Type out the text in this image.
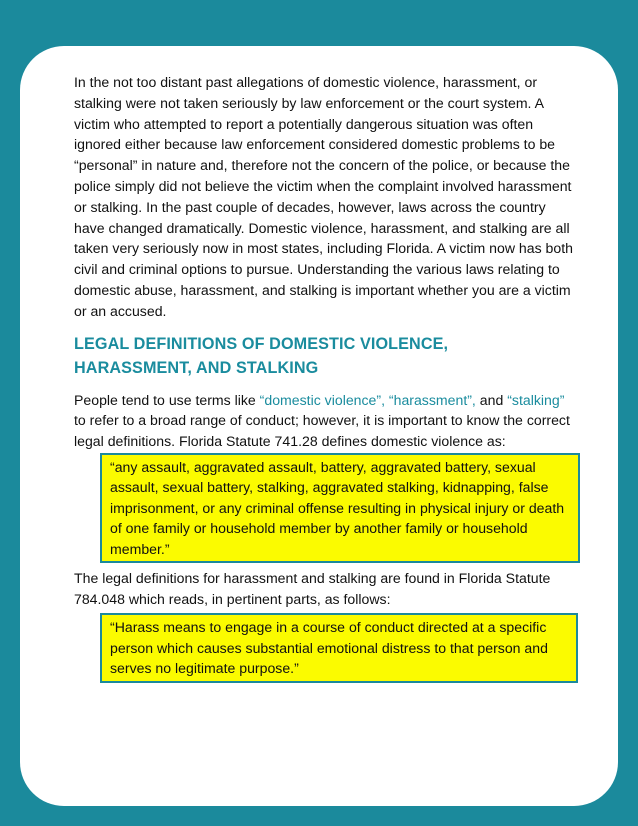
In the not too distant past allegations of domestic violence, harassment, or stalking were not taken seriously by law enforcement or the court system. A victim who attempted to report a potentially dangerous situation was often ignored either because law enforcement considered domestic problems to be “personal” in nature and, therefore not the concern of the police, or because the police simply did not believe the victim when the complaint involved harassment or stalking. In the past couple of decades, however, laws across the country have changed dramatically. Domestic violence, harassment, and stalking are all taken very seriously now in most states, including Florida. A victim now has both civil and criminal options to pursue. Understanding the various laws relating to domestic abuse, harassment, and stalking is important whether you are a victim or an accused.

LEGAL DEFINITIONS OF DOMESTIC VIOLENCE,
HARASSMENT, AND STALKING

People tend to use terms like “domestic violence”, “harassment”, and “stalking” to refer to a broad range of conduct; however, it is important to know the correct legal definitions. Florida Statute 741.28 defines domestic violence as:

“any assault, aggravated assault, battery, aggravated battery, sexual assault, sexual battery, stalking, aggravated stalking, kidnapping, false imprisonment, or any criminal offense resulting in physical injury or death of one family or household member by another family or household member.”

The legal definitions for harassment and stalking are found in Florida Statute 784.048 which reads, in pertinent parts, as follows:

“Harass means to engage in a course of conduct directed at a specific person which causes substantial emotional distress to that person and serves no legitimate purpose.”
